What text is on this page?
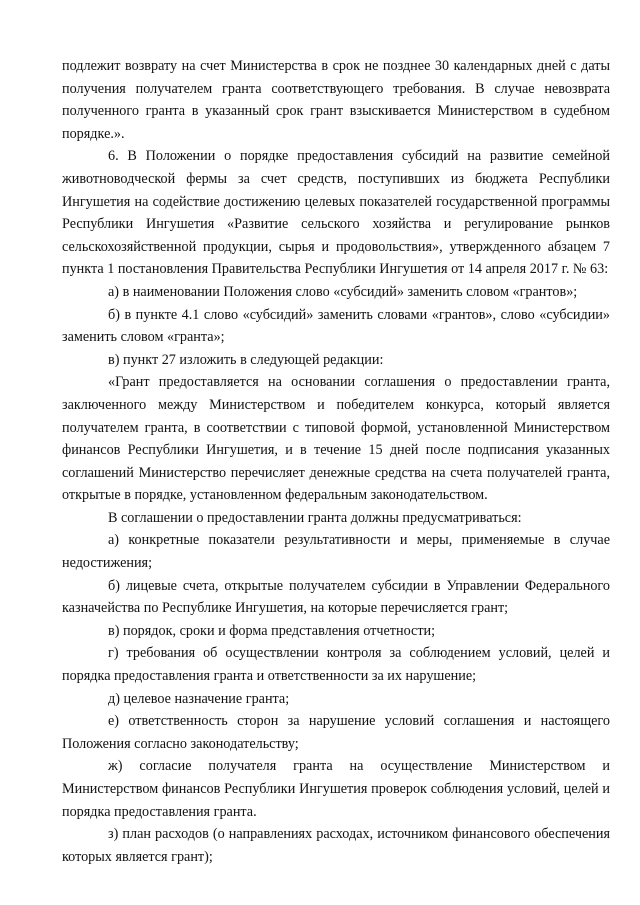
подлежит возврату на счет Министерства в срок не позднее 30 календарных дней с даты получения получателем гранта соответствующего требования. В случае невозврата полученного гранта в указанный срок грант взыскивается Министерством в судебном порядке.».

6. В Положении о порядке предоставления субсидий на развитие семейной животноводческой фермы за счет средств, поступивших из бюджета Республики Ингушетия на содействие достижению целевых показателей государственной программы Республики Ингушетия «Развитие сельского хозяйства и регулирование рынков сельскохозяйственной продукции, сырья и продовольствия», утвержденного абзацем 7 пункта 1 постановления Правительства Республики Ингушетия от 14 апреля 2017 г. № 63:

а) в наименовании Положения слово «субсидий» заменить словом «грантов»;

б) в пункте 4.1 слово «субсидий» заменить словами «грантов», слово «субсидии» заменить словом «гранта»;

в) пункт 27 изложить в следующей редакции:

«Грант предоставляется на основании соглашения о предоставлении гранта, заключенного между Министерством и победителем конкурса, который является получателем гранта, в соответствии с типовой формой, установленной Министерством финансов Республики Ингушетия, и в течение 15 дней после подписания указанных соглашений Министерство перечисляет денежные средства на счета получателей гранта, открытые в порядке, установленном федеральным законодательством.

В соглашении о предоставлении гранта должны предусматриваться:

а) конкретные показатели результативности и меры, применяемые в случае недостижения;

б) лицевые счета, открытые получателем субсидии в Управлении Федерального казначейства по Республике Ингушетия, на которые перечисляется грант;

в) порядок, сроки и форма представления отчетности;

г) требования об осуществлении контроля за соблюдением условий, целей и порядка предоставления гранта и ответственности за их нарушение;

д) целевое назначение гранта;

е) ответственность сторон за нарушение условий соглашения и настоящего Положения согласно законодательству;

ж) согласие получателя гранта на осуществление Министерством и Министерством финансов Республики Ингушетия проверок соблюдения условий, целей и порядка предоставления гранта.

з) план расходов (о направлениях расходах, источником финансового обеспечения которых является грант);
